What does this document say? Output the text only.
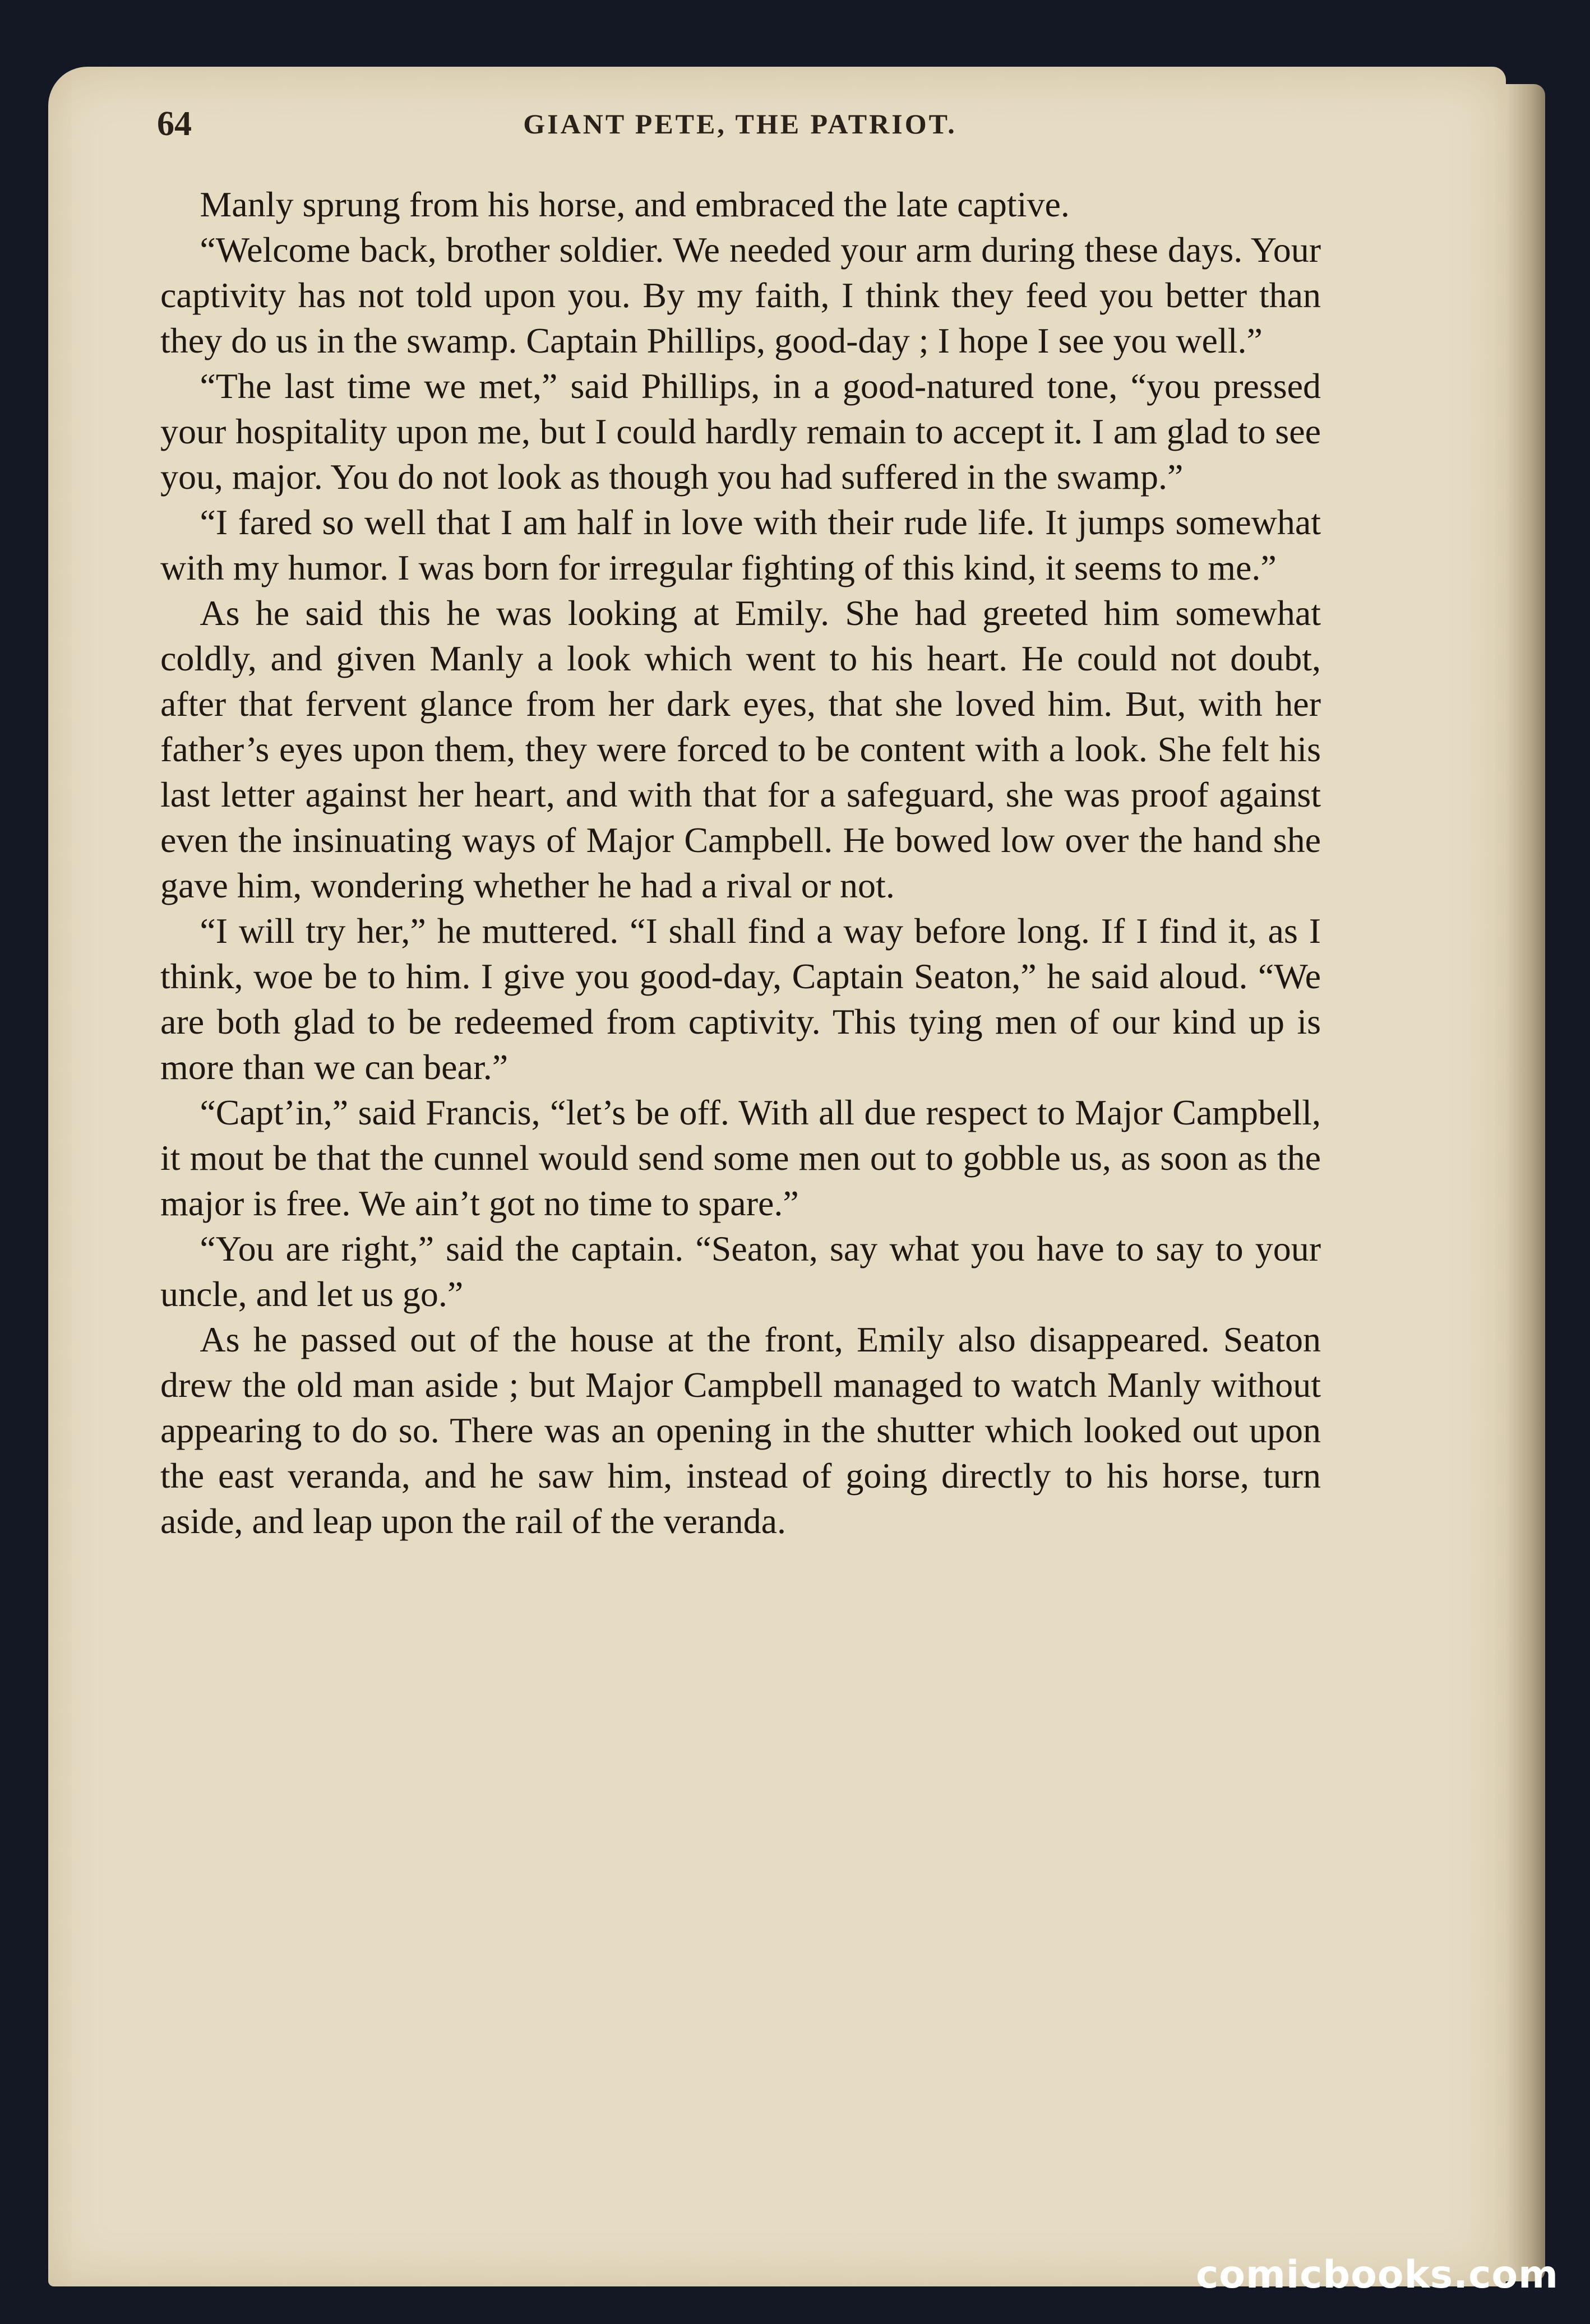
64	GIANT PETE, THE PATRIOT.

Manly sprung from his horse, and embraced the late captive.

“Welcome back, brother soldier. We needed your arm during these days. Your captivity has not told upon you. By my faith, I think they feed you better than they do us in the swamp. Captain Phillips, good-day ; I hope I see you well.”

“The last time we met,” said Phillips, in a good-natured tone, “you pressed your hospitality upon me, but I could hardly remain to accept it. I am glad to see you, major. You do not look as though you had suffered in the swamp.”

“I fared so well that I am half in love with their rude life. It jumps somewhat with my humor. I was born for irregular fighting of this kind, it seems to me.”

As he said this he was looking at Emily. She had greeted him somewhat coldly, and given Manly a look which went to his heart. He could not doubt, after that fervent glance from her dark eyes, that she loved him. But, with her father’s eyes upon them, they were forced to be content with a look. She felt his last letter against her heart, and with that for a safeguard, she was proof against even the insinuating ways of Major Campbell. He bowed low over the hand she gave him, wondering whether he had a rival or not.

“I will try her,” he muttered. “I shall find a way before long. If I find it, as I think, woe be to him. I give you good-day, Captain Seaton,” he said aloud. “We are both glad to be redeemed from captivity. This tying men of our kind up is more than we can bear.”

“Capt’in,” said Francis, “let’s be off. With all due respect to Major Campbell, it mout be that the cunnel would send some men out to gobble us, as soon as the major is free. We ain’t got no time to spare.”

“You are right,” said the captain. “Seaton, say what you have to say to your uncle, and let us go.”

As he passed out of the house at the front, Emily also disappeared. Seaton drew the old man aside ; but Major Campbell managed to watch Manly without appearing to do so. There was an opening in the shutter which looked out upon the east veranda, and he saw him, instead of going directly to his horse, turn aside, and leap upon the rail of the veranda.

comicbooks.com
